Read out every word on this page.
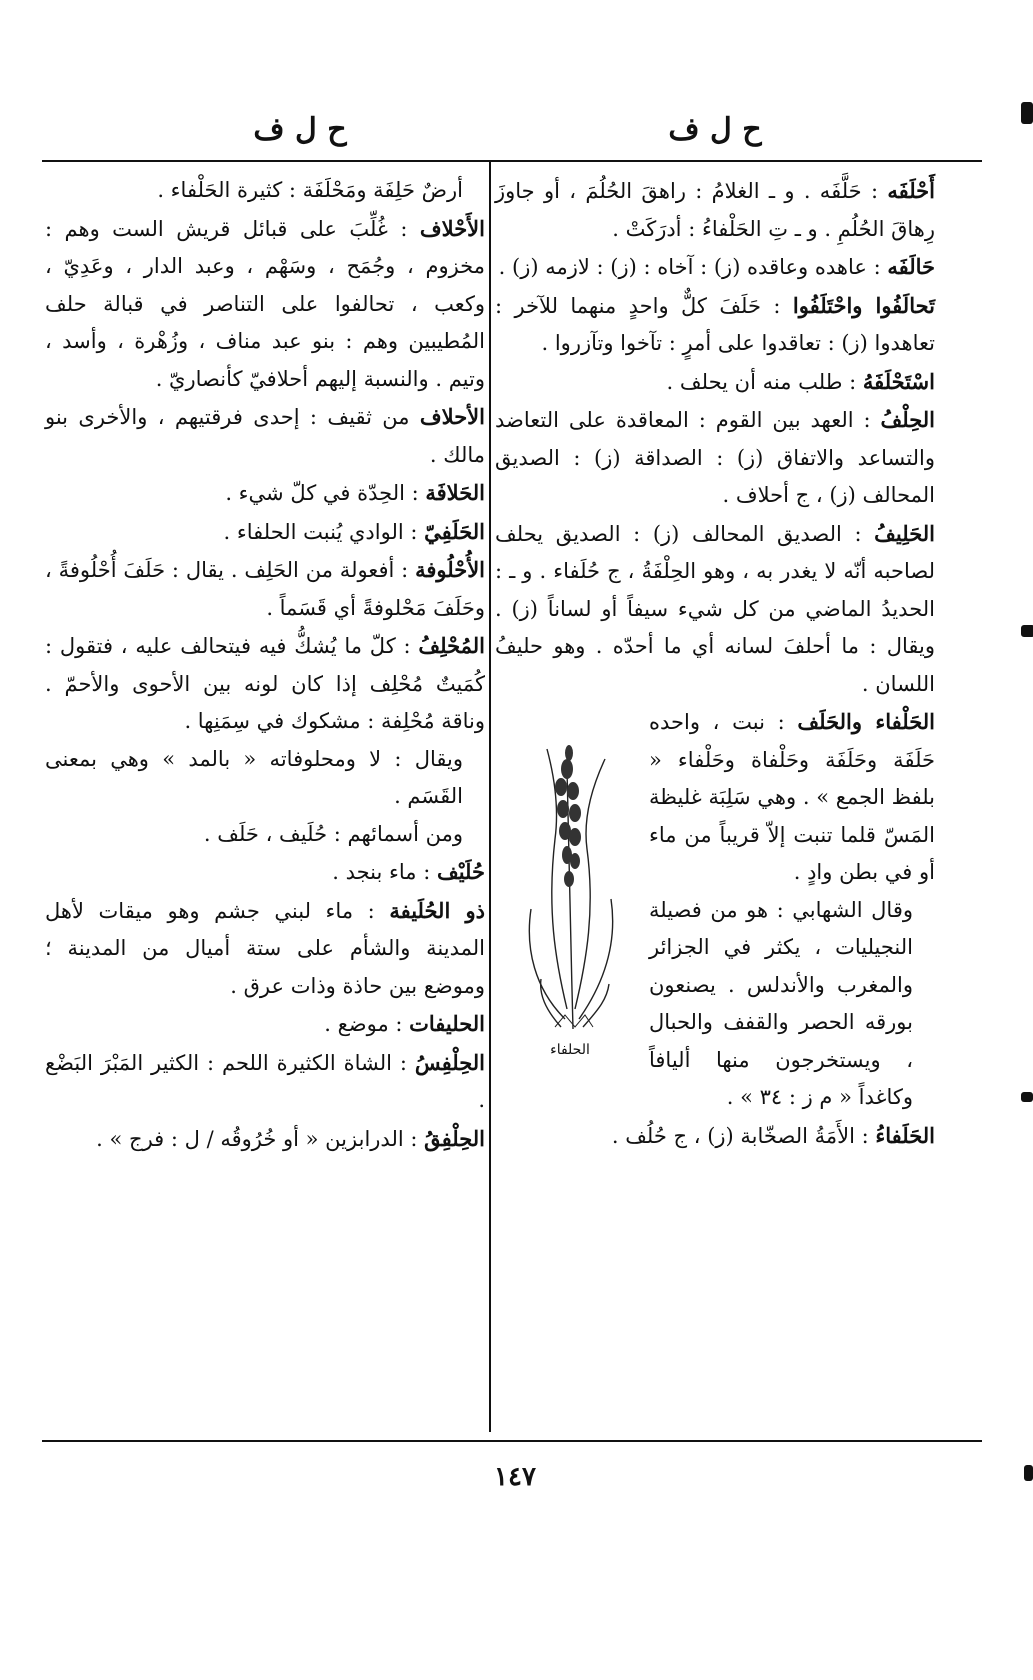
ح ل ف
ح ل ف
أَحْلَفَه : حَلَّفَه . و ـ الغلامُ : راهقَ الحُلُمَ ، أو جاوزَ رِهاقَ الحُلُمِ . و ـ تِ الحَلْفاءُ : أدرَكَتْ .
حَالَفَه : عاهده وعاقده (ز) : آخاه : (ز) : لازمه (ز) .
تَحالَفُوا واحْتَلَفُوا : حَلَفَ كلٌّ واحدٍ منهما للآخر : تعاهدوا (ز) : تعاقدوا على أمرٍ : تآخوا وتآزروا .
اسْتَحْلَفَهُ : طلب منه أن يحلف .
الحِلْفُ : العهد بين القوم : المعاقدة على التعاضد والتساعد والاتفاق (ز) : الصداقة (ز) : الصديق المحالف (ز) ، ج أحلاف .
الحَلِيفُ : الصديق المحالف (ز) : الصديق يحلف لصاحبه أنّه لا يغدر به ، وهو الحِلْفَةُ ، ج حُلَفاء . و ـ : الحديدُ الماضي من كل شيء سيفاً أو لساناً (ز) . ويقال : ما أحلفَ لسانه أي ما أحدّه . وهو حليفُ اللسان .
الحلفاء
الحَلْفاء والحَلَف : نبت ، واحده حَلَفَة وحَلَفَة وحَلْفاة وحَلْفاء « بلفظ الجمع » . وهي سَلِبَة غليظة المَسّ قلما تنبت إلاّ قريباً من ماء أو في بطن وادٍ .
وقال الشهابي : هو من فصيلة النجيليات ، يكثر في الجزائر والمغرب والأندلس . يصنعون بورقه الحصر والقفف والحبال ، ويستخرجون منها أليافاً وكاغداً « م ز : ٣٤ » .
الحَلَفاءُ : الأَمَةُ الصخّابة (ز) ، ج حُلُف .
أرضٌ حَلِفَة ومَحْلَفَة : كثيرة الحَلْفاء .
الأَحْلاف : غُلِّبَ على قبائل قريش الست وهم : مخزوم ، وجُمَح ، وسَهْم ، وعبد الدار ، وعَدِيّ ، وكعب ، تحالفوا على التناصر في قبالة حلف المُطيبين وهم : بنو عبد مناف ، وزُهْرة ، وأسد ، وتيم . والنسبة إليهم أحلافيّ كأنصاريّ .
الأحلاف من ثقيف : إحدى فرقتيهم ، والأخرى بنو مالك .
الحَلافَة : الحِدّة في كلّ شيء .
الحَلَفِيّ : الوادي يُنبت الحلفاء .
الأُحْلُوفة : أفعولة من الحَلِف . يقال : حَلَفَ أُحْلُوفةً ، وحَلَفَ مَحْلوفةً أي قَسَماً .
المُحْلِفُ : كلّ ما يُشكُّ فيه فيتحالف عليه ، فتقول : كُمَيتٌ مُحْلِف إذا كان لونه بين الأحوى والأحمّ . وناقة مُحْلِفة : مشكوك في سِمَنِها .
ويقال : لا ومحلوفاته « بالمد » وهي بمعنى القَسَم .
ومن أسمائهم : حُلَيف ، حَلَف .
حُلَيْف : ماء بنجد .
ذو الحُلَيفة : ماء لبني جشم وهو ميقات لأهل المدينة والشأم على ستة أميال من المدينة ؛ وموضع بين حاذة وذات عرق .
الحليفات : موضع .
الحِلْفِسُ : الشاة الكثيرة اللحم : الكثير المَبْرَ البَضْع .
الحِلْفِقُ : الدرابزين « أو خُرُوقُه / ل : فرج » .
١٤٧
